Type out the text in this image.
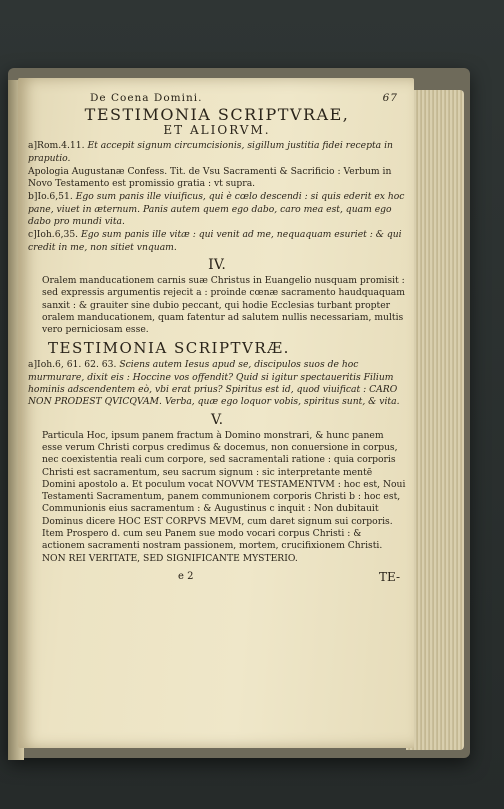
De Coena Domini.	67
TESTIMONIA SCRIPTVRAE,
ET ALIORVM.
a]Rom.4.11. Et accepit signum circumcisionis, sigillum justitia fidei recepta in praputio.
Apologia Augustanæ Confess. Tit. de Vsu Sacramenti & Sacrificio : Verbum in Novo Testamento est promissio gratia : vt supra.
b]Io.6,51. Ego sum panis ille viuificus, qui è cœlo descendi : si quis ederit ex hoc pane, viuet in æternum. Panis autem quem ego dabo, caro mea est, quam ego dabo pro mundi vita.
c]Ioh.6,35. Ego sum panis ille vitæ : qui venit ad me, nequaquam esuriet : & qui credit in me, non sitiet vnquam.
IV.
Oralem manducationem carnis suæ Christus in Euangelio nusquam promisit : sed expressis argumentis rejecit a : proinde cœnæ sacramento haudquaquam sanxit : & grauiter sine dubio peccant, qui hodie Ecclesias turbant propter oralem manducationem, quam fatentur ad salutem nullis necessariam, multis vero perniciosam esse.
TESTIMONIA SCRIPTVRÆ.
a]Ioh.6, 61. 62. 63. Sciens autem Iesus apud se, discipulos suos de hoc murmurare, dixit eis : Hoccine vos offendit? Quid si igitur spectaueritis Filium hominis adscendentem eò, vbi erat prius? Spiritus est id, quod viuificat : CARO NON PRODEST QVICQVAM. Verba, quæ ego loquor vobis, spiritus sunt, & vita.
V.
Particula Hoc, ipsum panem fractum à Domino monstrari, & hunc panem esse verum Christi corpus credimus & docemus, non conuersione in corpus, nec coexistentia reali cum corpore, sed sacramentali ratione : quia corporis Christi est sacramentum, seu sacrum signum : sic interpretante mentē Domini apostolo a. Et poculum vocat NOVVM TESTAMENTVM : hoc est, Noui Testamenti Sacramentum, panem communionem corporis Christi b : hoc est, Communionis eius sacramentum : & Augustinus c inquit : Non dubitauit Dominus dicere HOC EST CORPVS MEVM, cum daret signum sui corporis. Item Prospero d. cum seu Panem sue modo vocari corpus Christi : & actionem sacramenti nostram passionem, mortem, crucifixionem Christi. NON REI VERITATE, SED SIGNIFICANTE MYSTERIO.
e 2	TE-
